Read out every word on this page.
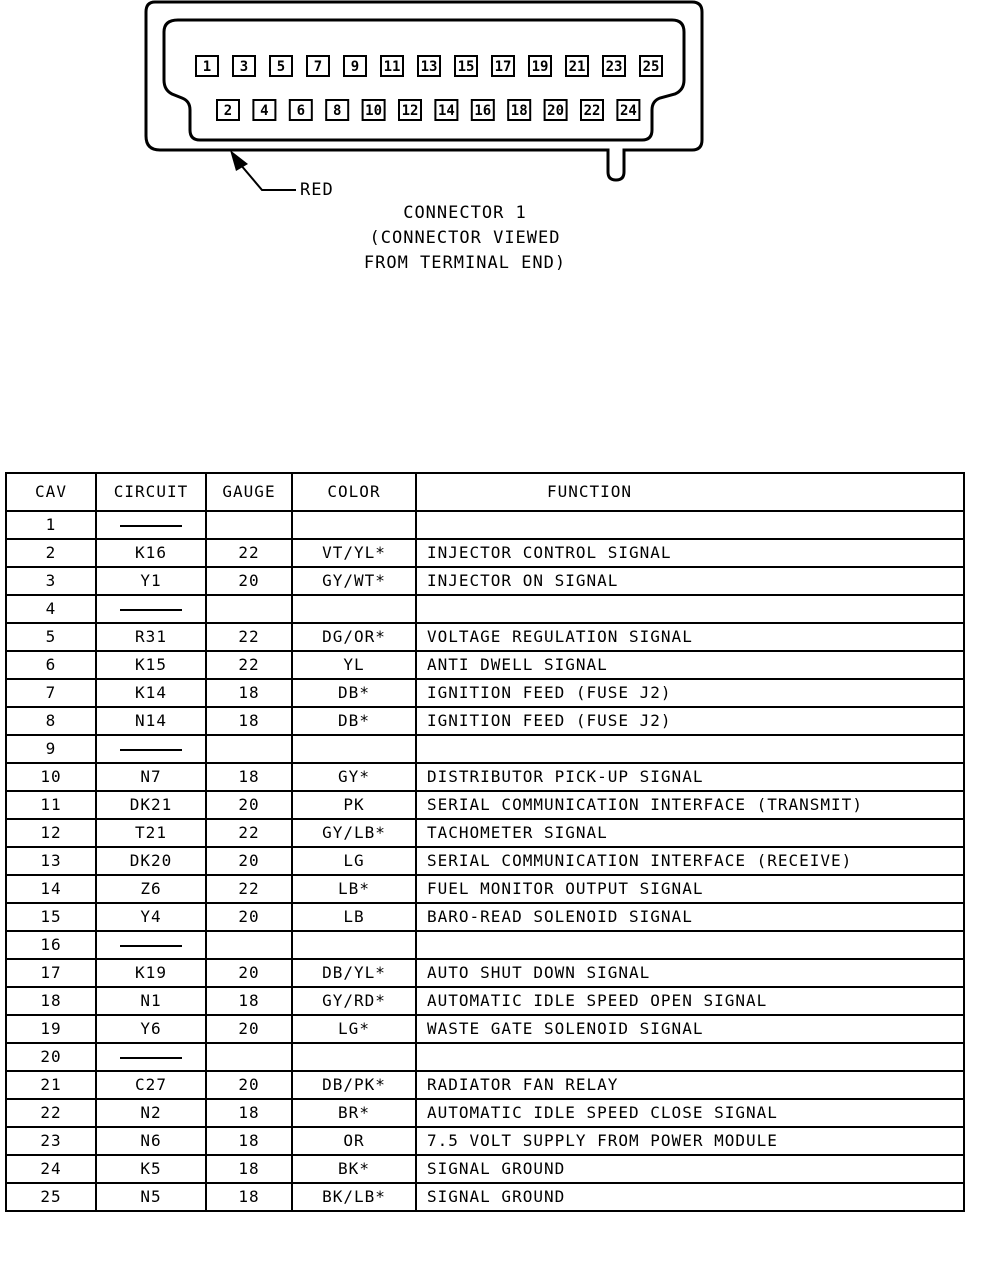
1 3 5 7 9 11 13 15 17 19 21 23 25
2 4 6 8 10 12 14 16 18 20 22 24
RED
CONNECTOR 1
(CONNECTOR VIEWED
FROM TERMINAL END)
CAV	CIRCUIT	GAUGE	COLOR	FUNCTION
1				
2	K16	22	VT/YL*	INJECTOR CONTROL SIGNAL
3	Y1	20	GY/WT*	INJECTOR ON SIGNAL
4				
5	R31	22	DG/OR*	VOLTAGE REGULATION SIGNAL
6	K15	22	YL	ANTI DWELL SIGNAL
7	K14	18	DB*	IGNITION FEED (FUSE J2)
8	N14	18	DB*	IGNITION FEED (FUSE J2)
9				
10	N7	18	GY*	DISTRIBUTOR PICK-UP SIGNAL
11	DK21	20	PK	SERIAL COMMUNICATION INTERFACE (TRANSMIT)
12	T21	22	GY/LB*	TACHOMETER SIGNAL
13	DK20	20	LG	SERIAL COMMUNICATION INTERFACE (RECEIVE)
14	Z6	22	LB*	FUEL MONITOR OUTPUT SIGNAL
15	Y4	20	LB	BARO-READ SOLENOID SIGNAL
16				
17	K19	20	DB/YL*	AUTO SHUT DOWN SIGNAL
18	N1	18	GY/RD*	AUTOMATIC IDLE SPEED OPEN SIGNAL
19	Y6	20	LG*	WASTE GATE SOLENOID SIGNAL
20				
21	C27	20	DB/PK*	RADIATOR FAN RELAY
22	N2	18	BR*	AUTOMATIC IDLE SPEED CLOSE SIGNAL
23	N6	18	OR	7.5 VOLT SUPPLY FROM POWER MODULE
24	K5	18	BK*	SIGNAL GROUND
25	N5	18	BK/LB*	SIGNAL GROUND
